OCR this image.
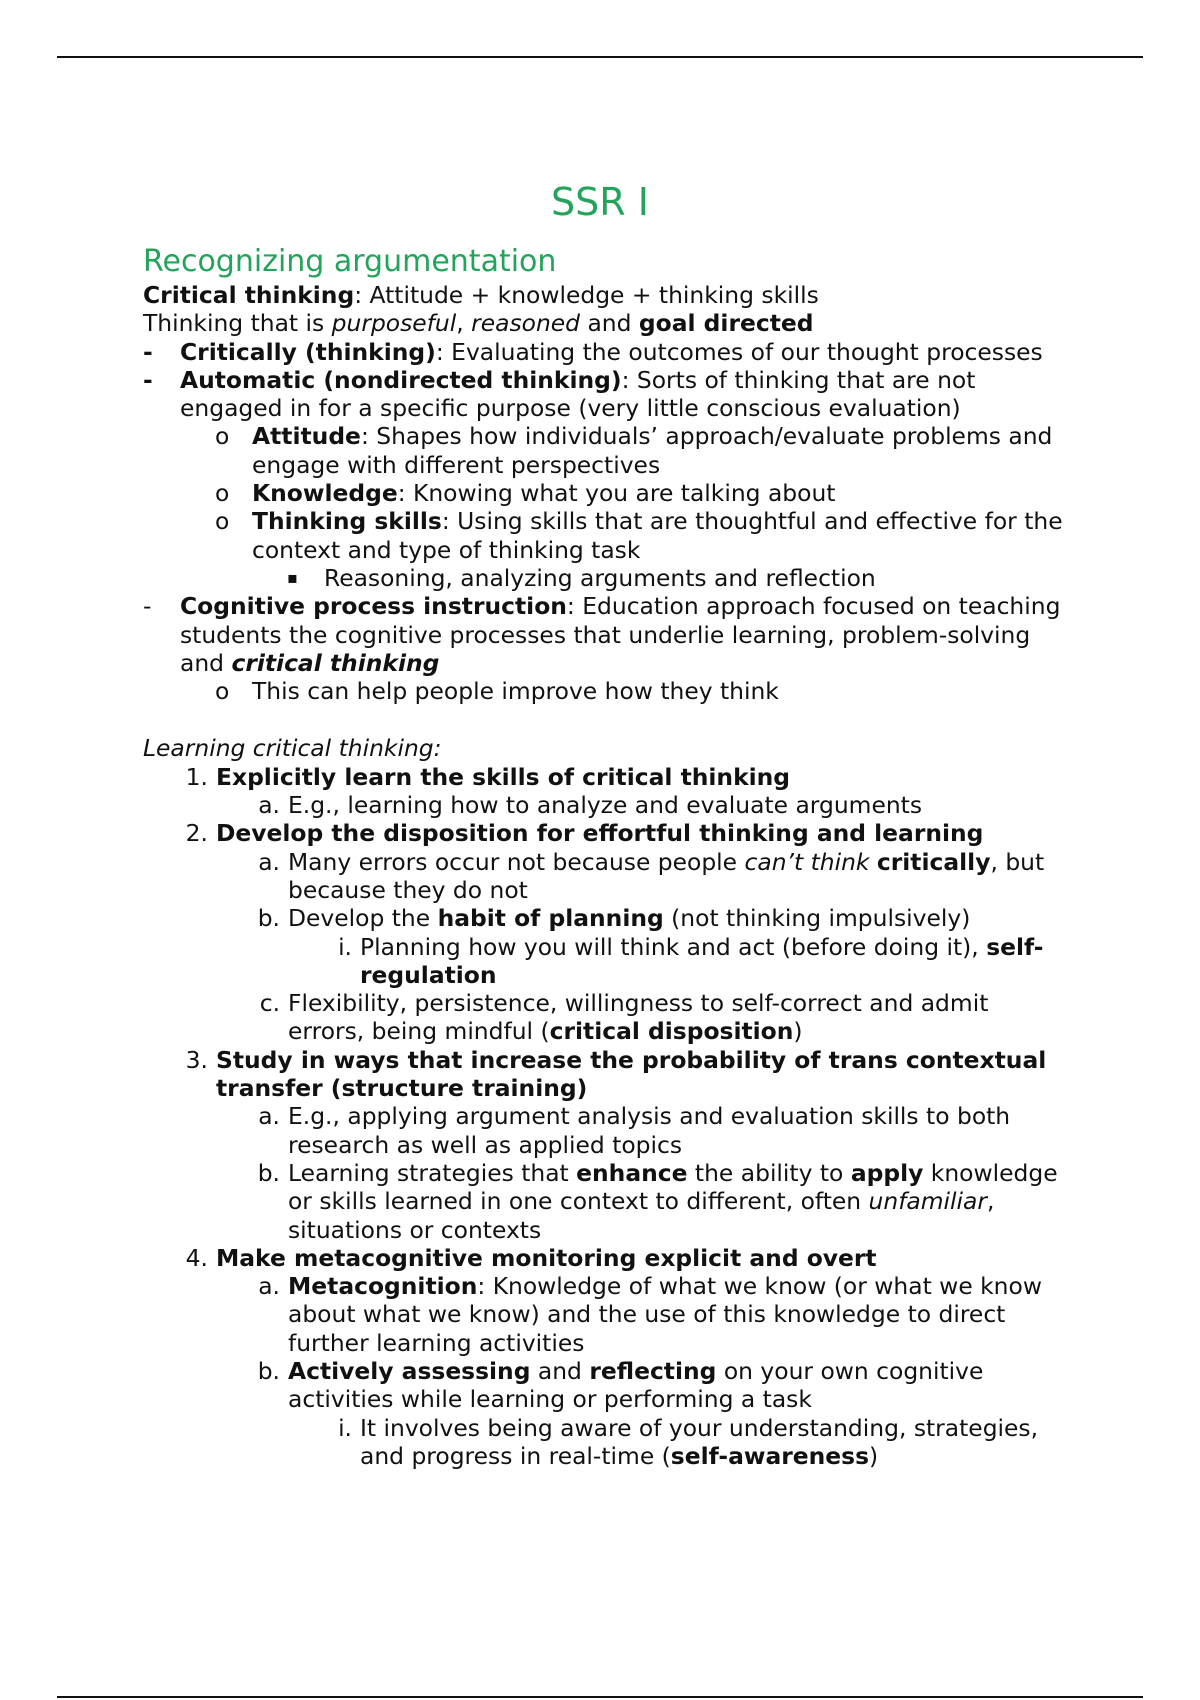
SSR I
Recognizing argumentation

Critical thinking: Attitude + knowledge + thinking skills

Thinking that is purposeful, reasoned and goal directed

- Critically (thinking): Evaluating the outcomes of our thought processes

- Automatic (nondirected thinking): Sorts of thinking that are not engaged in for a specific purpose (very little conscious evaluation)

o Attitude: Shapes how individuals’ approach/evaluate problems and engage with different perspectives

o Knowledge: Knowing what you are talking about

o Thinking skills: Using skills that are thoughtful and effective for the context and type of thinking task

▪ Reasoning, analyzing arguments and reflection

- Cognitive process instruction: Education approach focused on teaching students the cognitive processes that underlie learning, problem-solving and critical thinking

o This can help people improve how they think

Learning critical thinking:

1. Explicitly learn the skills of critical thinking

a. E.g., learning how to analyze and evaluate arguments

2. Develop the disposition for effortful thinking and learning

a. Many errors occur not because people can’t think critically, but because they do not

b. Develop the habit of planning (not thinking impulsively)

i. Planning how you will think and act (before doing it), self-regulation

c. Flexibility, persistence, willingness to self-correct and admit errors, being mindful (critical disposition)

3. Study in ways that increase the probability of trans contextual transfer (structure training)

a. E.g., applying argument analysis and evaluation skills to both research as well as applied topics

b. Learning strategies that enhance the ability to apply knowledge or skills learned in one context to different, often unfamiliar, situations or contexts

4. Make metacognitive monitoring explicit and overt

a. Metacognition: Knowledge of what we know (or what we know about what we know) and the use of this knowledge to direct further learning activities

b. Actively assessing and reflecting on your own cognitive activities while learning or performing a task

i. It involves being aware of your understanding, strategies, and progress in real-time (self-awareness)
